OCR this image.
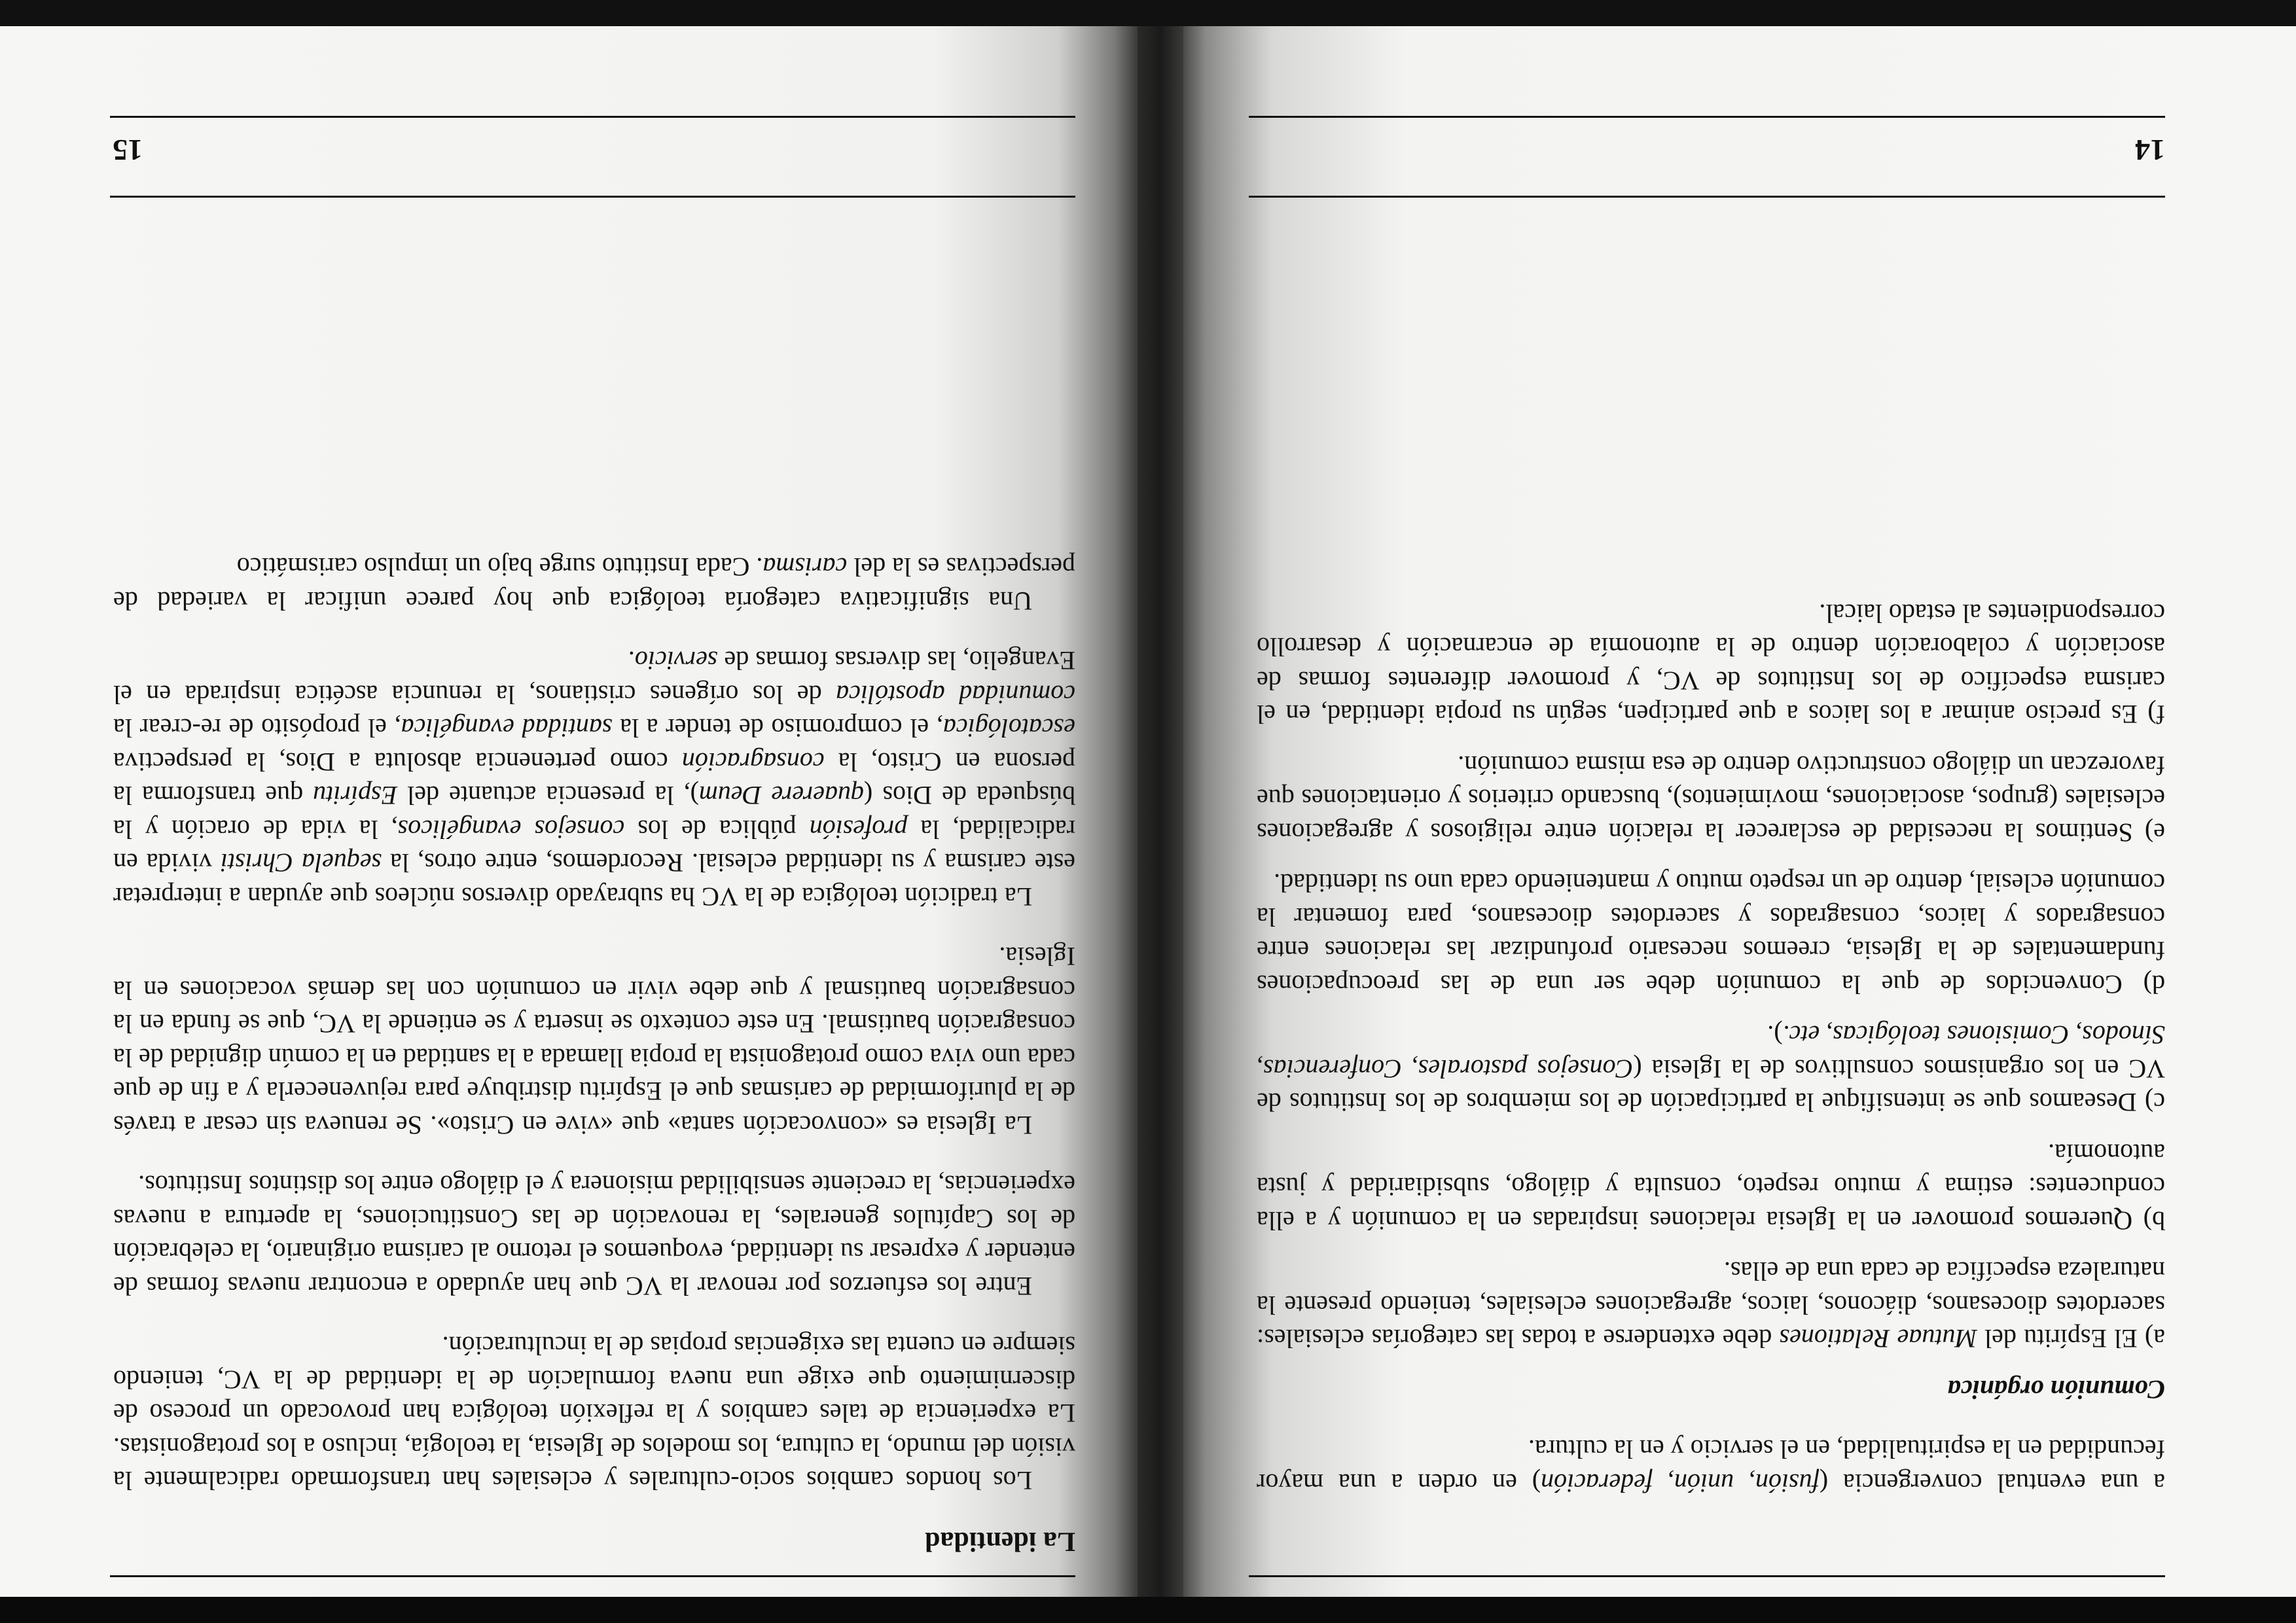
14

a una eventual convergencia (fusión, unión, federación) en orden a una mayor fecundidad en la espiritualidad, en el servicio y en la cultura.

Comunión orgánica

a) El Espíritu del Mutuae Relationes debe extenderse a todas las categorías eclesiales: sacerdotes diocesanos, diáconos, laicos, agregaciones eclesiales, teniendo presente la naturaleza específica de cada una de ellas.

b) Queremos promover en la Iglesia relaciones inspiradas en la comunión y a ella conducentes: estima y mutuo respeto, consulta y diálogo, subsidiaridad y justa autonomía.

c) Deseamos que se intensifique la participación de los miembros de los Institutos de VC en los organismos consultivos de la Iglesia (Consejos pastorales, Conferencias, Sínodos, Comisiones teológicas, etc.).

d) Convencidos de que la comunión debe ser una de las preocupaciones fundamentales de la Iglesia, creemos necesario profundizar las relaciones entre consagrados y laicos, consagrados y sacerdotes diocesanos, para fomentar la comunión eclesial, dentro de un respeto mutuo y manteniendo cada uno su identidad.

e) Sentimos la necesidad de esclarecer la relación entre religiosos y agregaciones eclesiales (grupos, asociaciones, movimientos), buscando criterios y orientaciones que favorezcan un diálogo constructivo dentro de esa misma comunión.

f) Es preciso animar a los laicos a que participen, según su propia identidad, en el carisma específico de los Institutos de VC, y promover diferentes formas de asociación y colaboración dentro de la autonomía de encarnación y desarrollo correspondientes al estado laical.

15

La identidad

Los hondos cambios socio-culturales y eclesiales han transformado radicalmente la visión del mundo, la cultura, los modelos de Iglesia, la teología, incluso a los protagonistas. La experiencia de tales cambios y la reflexión teológica han provocado un proceso de discernimiento que exige una nueva formulación de la identidad de la VC, teniendo siempre en cuenta las exigencias propias de la inculturación.

Entre los esfuerzos por renovar la VC que han ayudado a encontrar nuevas formas de entender y expresar su identidad, evoquemos el retorno al carisma originario, la celebración de los Capítulos generales, la renovación de las Constituciones, la apertura a nuevas experiencias, la creciente sensibilidad misionera y el diálogo entre los distintos Institutos.

La Iglesia es «convocación santa» que «vive en Cristo». Se renueva sin cesar a través de la pluriformidad de carismas que el Espíritu distribuye para rejuvenecerla y a fin de que cada uno viva como protagonista la propia llamada a la santidad en la común dignidad de la consagración bautismal. En este contexto se inserta y se entiende la VC, que se funda en la consagración bautismal y que debe vivir en comunión con las demás vocaciones en la Iglesia.

La tradición teológica de la VC ha subrayado diversos núcleos que ayudan a interpretar este carisma y su identidad eclesial. Recordemos, entre otros, la sequela Christi vivida en radicalidad, la profesión pública de los consejos evangélicos, la vida de oración y la búsqueda de Dios (quaerere Deum), la presencia actuante del Espíritu que transforma la persona en Cristo, la consagración como pertenencia absoluta a Dios, la perspectiva escatológica, el compromiso de tender a la santidad evangélica, el propósito de re-crear la comunidad apostólica de los orígenes cristianos, la renuncia ascética inspirada en el Evangelio, las diversas formas de servicio.

Una significativa categoría teológica que hoy parece unificar la variedad de perspectivas es la del carisma. Cada Instituto surge bajo un impulso carismático
